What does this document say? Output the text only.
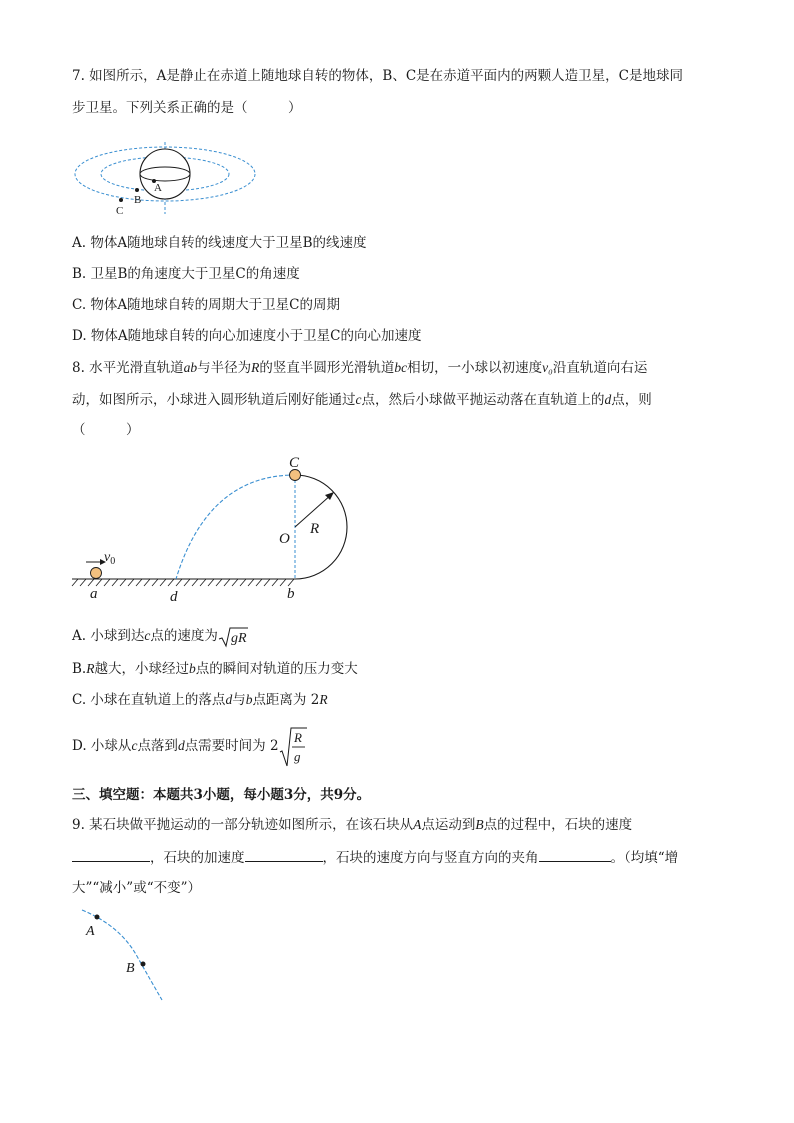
7. 如图所示，A是静止在赤道上随地球自转的物体，B、C是在赤道平面内的两颗人造卫星，C是地球同
步卫星。下列关系正确的是（　　　）
A
B
C
A. 物体A随地球自转的线速度大于卫星B的线速度
B. 卫星B的角速度大于卫星C的角速度
C. 物体A随地球自转的周期大于卫星C的周期
D. 物体A随地球自转的向心加速度小于卫星C的向心加速度
8. 水平光滑直轨道ab与半径为R的竖直半圆形光滑轨道bc相切，一小球以初速度v₀沿直轨道向右运
动，如图所示，小球进入圆形轨道后刚好能通过c点，然后小球做平抛运动落在直轨道上的d点，则
（　　　）
C
O
R
$v_0$
a	d	b
A. 小球到达c点的速度为 gR
B.R越大，小球经过b点的瞬间对轨道的压力变大
C. 小球在直轨道上的落点d与b点距离为 2R
D. 小球从c点落到d点需要时间为 2
R
g
三、填空题：本题共3小题，每小题3分，共9分。
9. 某石块做平抛运动的一部分轨迹如图所示，在该石块从A点运动到B点的过程中，石块的速度
，石块的加速度	，石块的速度方向与竖直方向的夹角	。（均填“增
大”“减小”或“不变”）
A
B
